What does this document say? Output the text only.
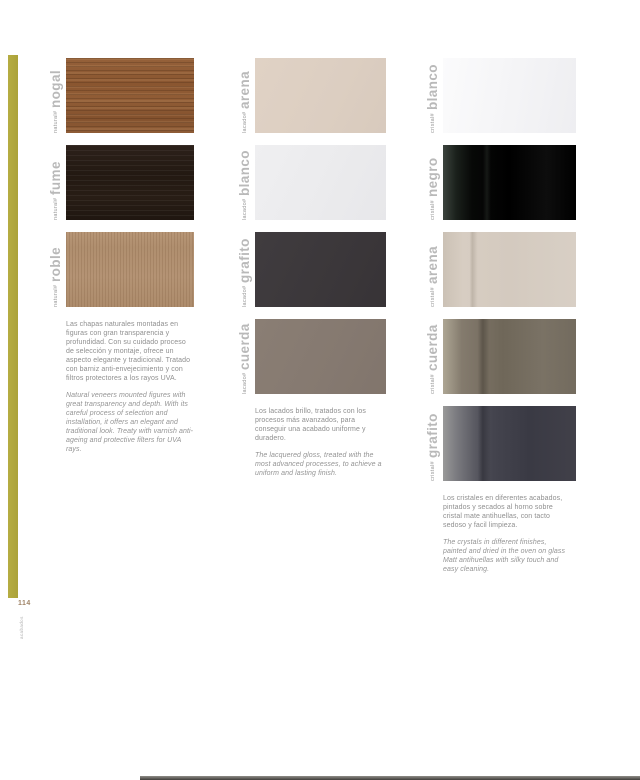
natural#nogal
natural#fume
natural#roble

Las chapas naturales montadas en figuras con gran transparencia y profundidad. Con su cuidado proceso de selección y montaje, ofrece un aspecto elegante y tradicional. Tratado con barniz anti-envejecimiento y con filtros protectores a los rayos UVA.

Natural veneers mounted figures with great transparency and depth. With its careful process of selection and installation, it offers an elegant and traditional look. Treaty with varnish anti-ageing and protective filters for UVA rays.

lacado#arena
lacado#blanco
lacado#grafito
lacado#cuerda

Los lacados brillo, tratados con los procesos más avanzados, para conseguir una acabado uniforme y duradero.

The lacquered gloss, treated with the most advanced processes, to achieve a uniform and lasting finish.

cristal#blanco
cristal#negro
cristal#arena
cristal#cuerda
cristal#grafito

Los cristales en diferentes acabados, pintados y secados al horno sobre cristal mate antihuellas, con tacto sedoso y facil limpieza.

The crystals in different finishes, painted and dried in the oven on glass Matt antihuellas with silky touch and easy cleaning.

114
acabados
